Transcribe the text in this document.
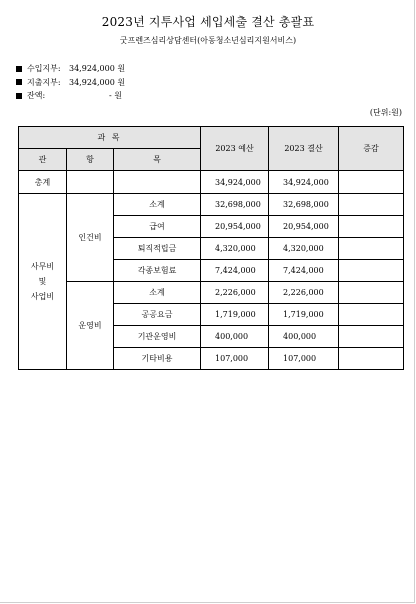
2023년 지투사업 세입세출 결산 총괄표
굿프렌즈심리상담센터(아동청소년심리지원서비스)
수입지부:	34,924,000 원
지출지부:	34,924,000 원
잔액:	- 원
(단위:원)
과 목			2023 예산	2023 결산	증감
관	항	목			
총계			34,924,000	34,924,000	

사무비
및
사업비	인건비	소계	32,698,000	32,698,000	
		급여	20,954,000	20,954,000	
		퇴직적립금	4,320,000	4,320,000	
		각종보험료	7,424,000	7,424,000	
	운영비	소계	2,226,000	2,226,000	
		공공요금	1,719,000	1,719,000	
		기관운영비	400,000	400,000	
		기타비용	107,000	107,000	
